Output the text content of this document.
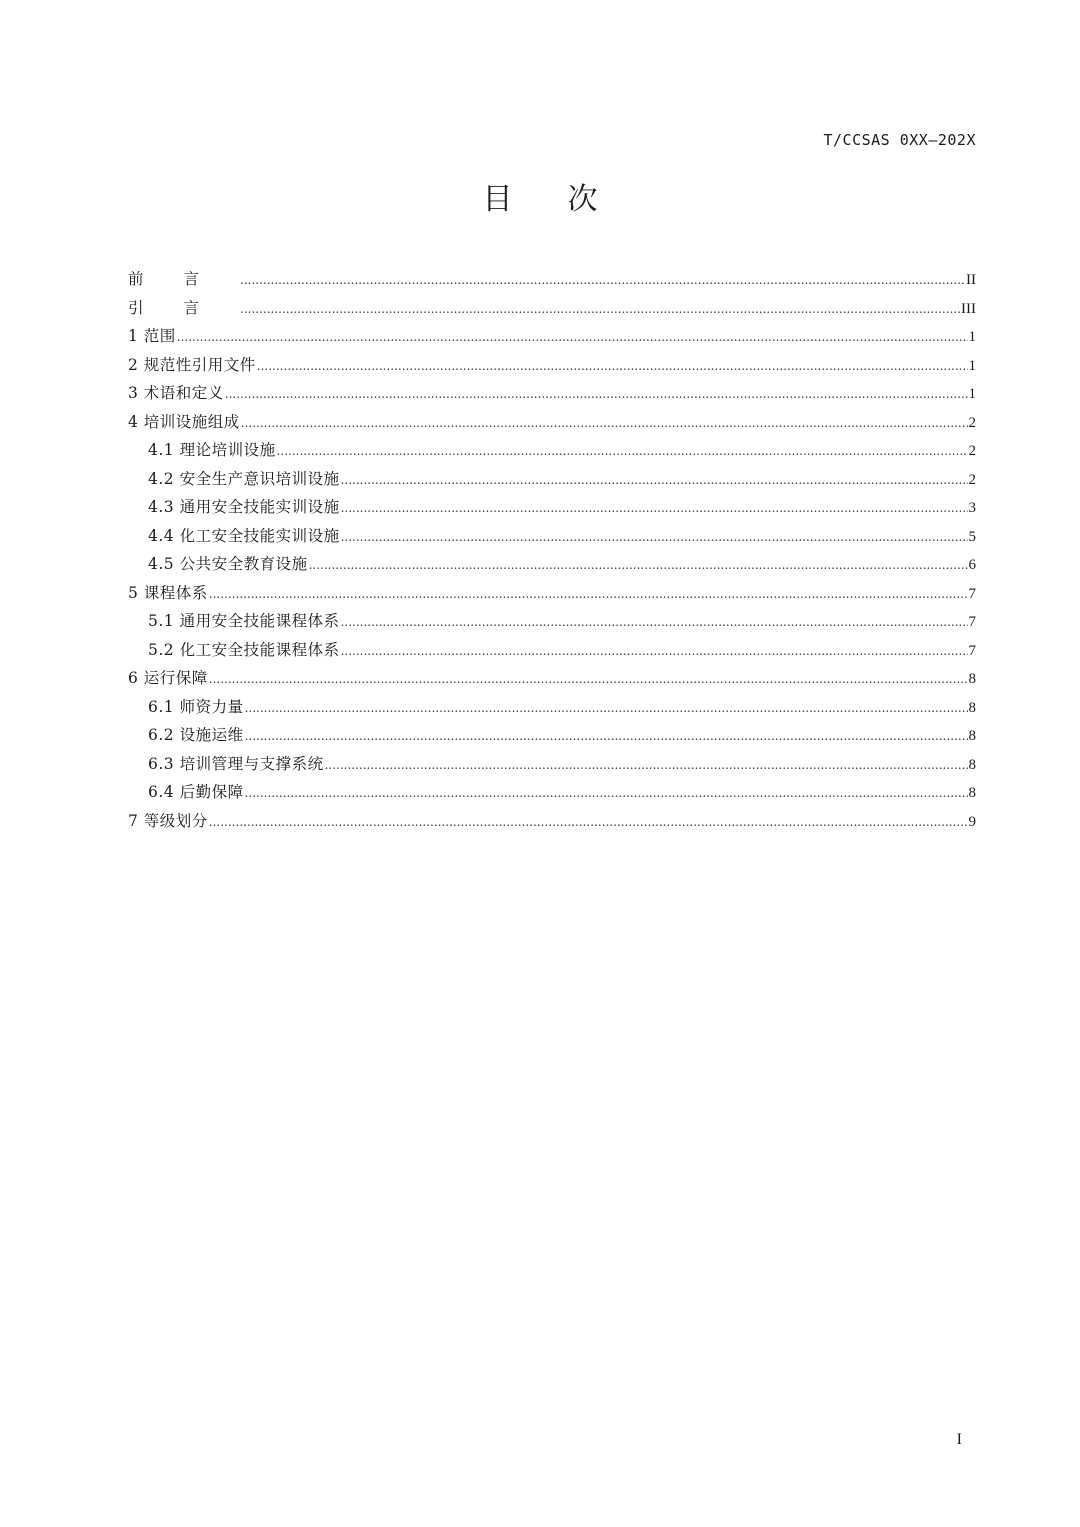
T/CCSAS 0XX—202X
目次
前言 .....	II
引言 .....	III
1 范围 .....	1
2 规范性引用文件 .....	1
3 术语和定义 .....	1
4 培训设施组成 .....	2
4.1 理论培训设施 .....	2
4.2 安全生产意识培训设施 .....	2
4.3 通用安全技能实训设施 .....	3
4.4 化工安全技能实训设施 .....	5
4.5 公共安全教育设施 .....	6
5 课程体系 .....	7
5.1 通用安全技能课程体系 .....	7
5.2 化工安全技能课程体系 .....	7
6 运行保障 .....	8
6.1 师资力量 .....	8
6.2 设施运维 .....	8
6.3 培训管理与支撑系统 .....	8
6.4 后勤保障 .....	8
7 等级划分 .....	9
I
